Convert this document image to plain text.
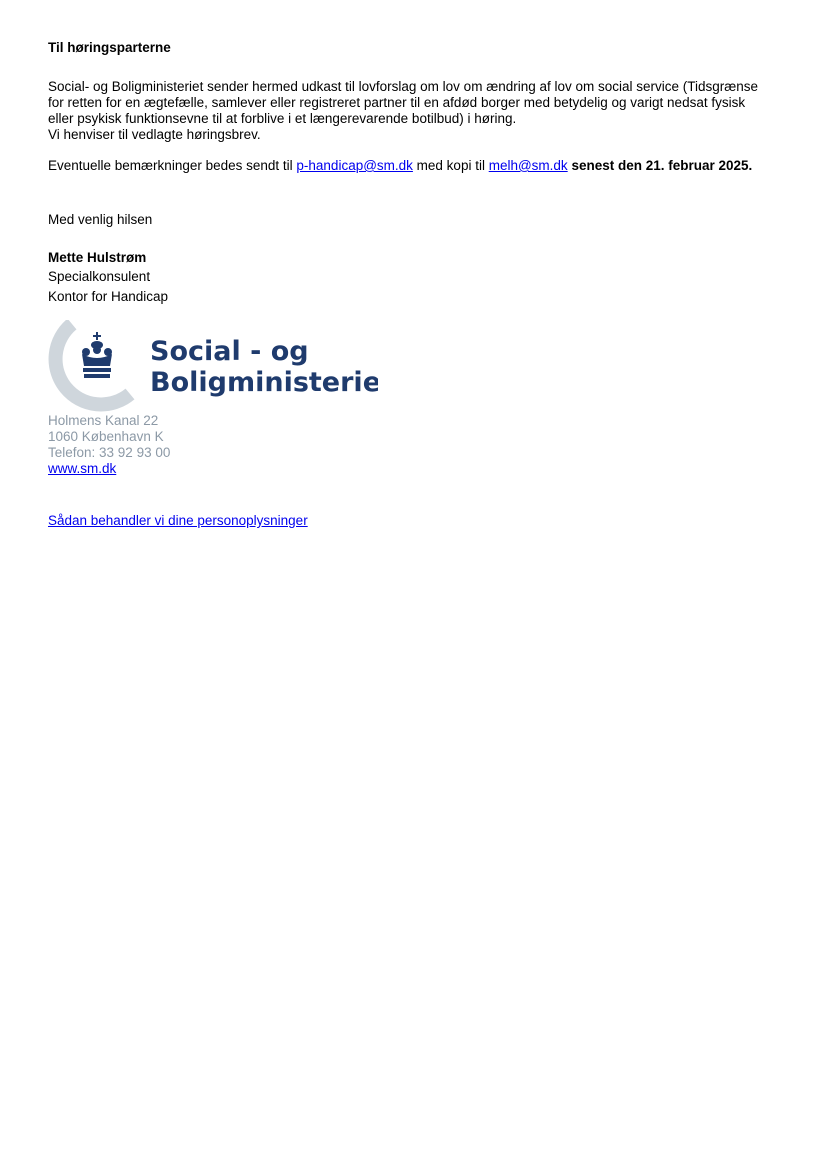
Til høringsparterne
Social- og Boligministeriet sender hermed udkast til lovforslag om lov om ændring af lov om social service (Tidsgrænse
for retten for en ægtefælle, samlever eller registreret partner til en afdød borger med betydelig og varigt nedsat fysisk
eller psykisk funktionsevne til at forblive i et længerevarende botilbud) i høring.
Vi henviser til vedlagte høringsbrev.
Eventuelle bemærkninger bedes sendt til p-handicap@sm.dk med kopi til melh@sm.dk senest den 21. februar 2025.
Med venlig hilsen
Mette Hulstrøm
Specialkonsulent
Kontor for Handicap
Holmens Kanal 22
1060 København K
Telefon: 33 92 93 00
www.sm.dk
Sådan behandler vi dine personoplysninger
Social - og
Boligministeriet
